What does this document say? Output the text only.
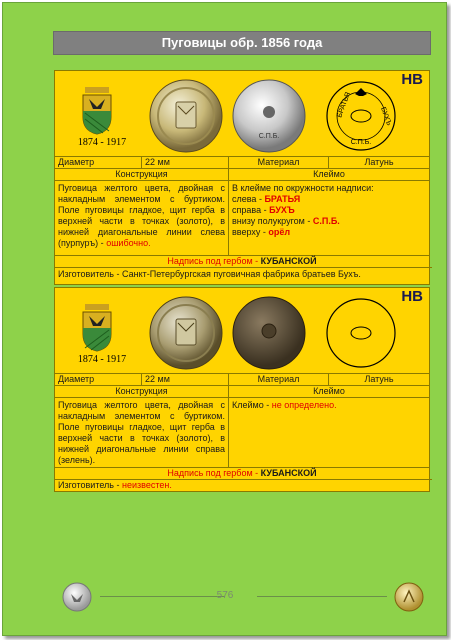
Пуговицы обр. 1856 года
1874 - 1917
С.П.Б.
БРАТЬЯ	БУХЪ
С.П.Б.
НВ
Диаметр	22 мм	Материал	Латунь
Конструкция	Клеймо
Пуговица желтого цвета, двойная с накладным элементом с буртиком. Поле пуговицы гладкое, щит герба в верхней части в точках (золото), в нижней диагональные линии слева (пурпуръ) - ошибочно.
В клейме по окружности надписи:
слева - БРАТЬЯ
справа - БУХЪ
внизу полукругом - С.П.Б.
вверху - орёл
Надпись под гербом - КУБАНСКОЙ
Изготовитель - Санкт-Петербургская пуговичная фабрика братьев Бухъ.
1874 - 1917
НВ
Диаметр	22 мм	Материал	Латунь
Конструкция	Клеймо
Пуговица желтого цвета, двойная с накладным элементом с буртиком. Поле пуговицы гладкое, щит герба в верхней части в точках (золото), в нижней диагональные линии справа (зелень).
Клеймо - не определено.
Надпись под гербом - КУБАНСКОЙ
Изготовитель - неизвестен.
576
